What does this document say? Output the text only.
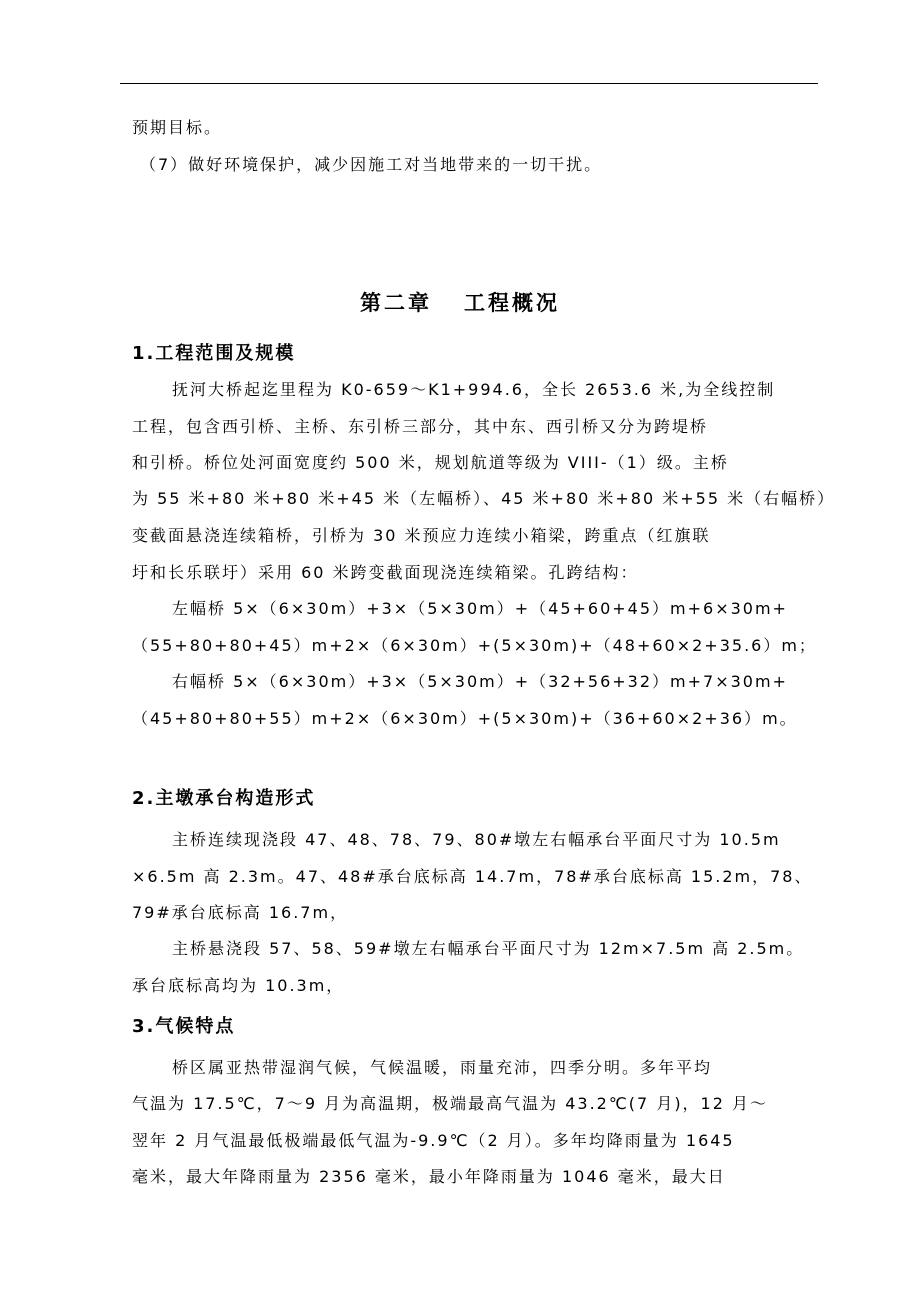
预期目标。
（7）做好环境保护，减少因施工对当地带来的一切干扰。
第二章 工程概况
1.工程范围及规模
抚河大桥起迄里程为 K0-659～K1+994.6，全长 2653.6 米,为全线控制
工程，包含西引桥、主桥、东引桥三部分，其中东、西引桥又分为跨堤桥
和引桥。桥位处河面宽度约 500 米，规划航道等级为 VIII-（1）级。主桥
为 55 米+80 米+80 米+45 米（左幅桥）、45 米+80 米+80 米+55 米（右幅桥）
变截面悬浇连续箱桥，引桥为 30 米预应力连续小箱梁，跨重点（红旗联
圩和长乐联圩）采用 60 米跨变截面现浇连续箱梁。孔跨结构：
左幅桥 5×（6×30m）+3×（5×30m）+（45+60+45）m+6×30m+
（55+80+80+45）m+2×（6×30m）+(5×30m)+（48+60×2+35.6）m；
右幅桥 5×（6×30m）+3×（5×30m）+（32+56+32）m+7×30m+
（45+80+80+55）m+2×（6×30m）+(5×30m)+（36+60×2+36）m。
2.主墩承台构造形式
主桥连续现浇段 47、48、78、79、80#墩左右幅承台平面尺寸为 10.5m
×6.5m 高 2.3m。47、48#承台底标高 14.7m，78#承台底标高 15.2m，78、
79#承台底标高 16.7m，
主桥悬浇段 57、58、59#墩左右幅承台平面尺寸为 12m×7.5m 高 2.5m。
承台底标高均为 10.3m，
3.气候特点
桥区属亚热带湿润气候，气候温暖，雨量充沛，四季分明。多年平均
气温为 17.5℃，7～9 月为高温期，极端最高气温为 43.2℃(7 月)，12 月～
翌年 2 月气温最低极端最低气温为-9.9℃（2 月）。多年均降雨量为 1645
毫米，最大年降雨量为 2356 毫米，最小年降雨量为 1046 毫米，最大日
